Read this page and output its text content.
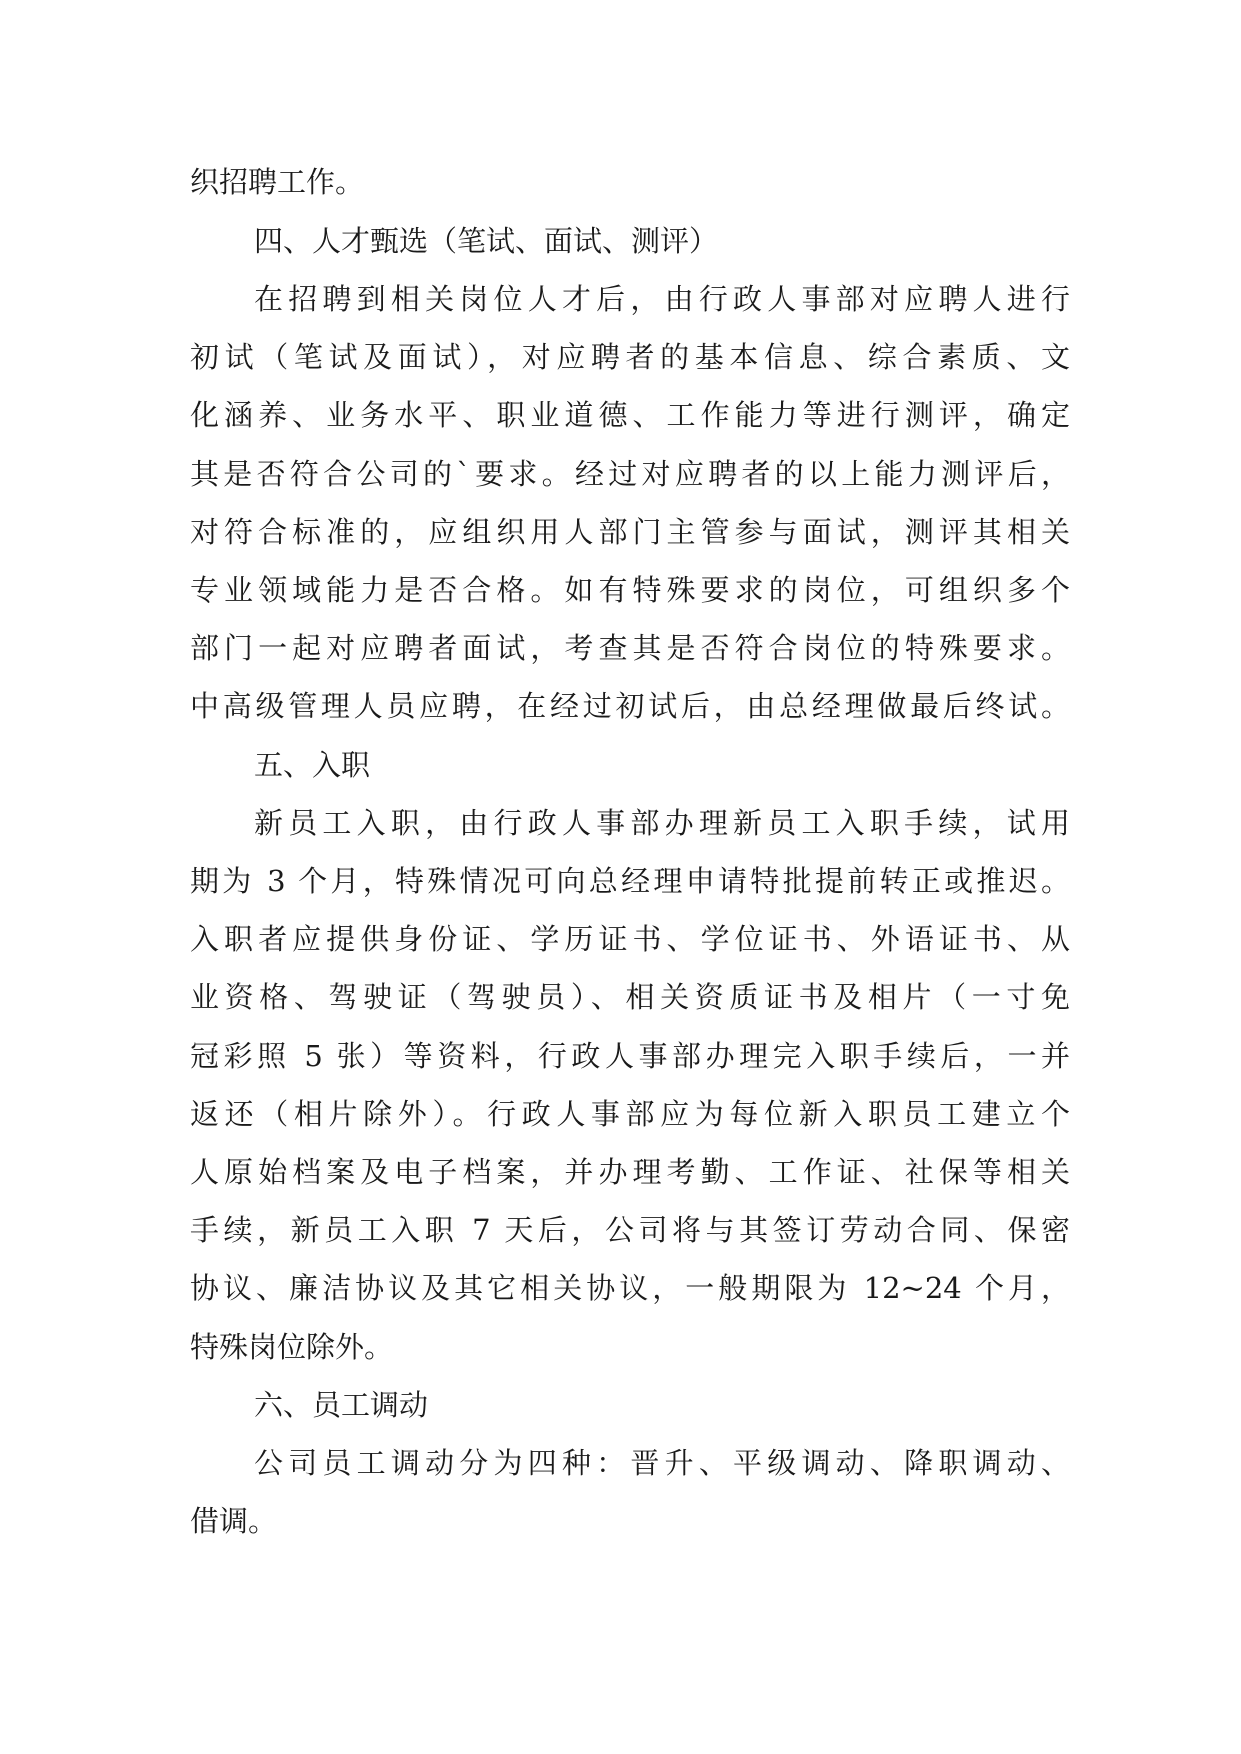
织招聘工作。
四、人才甄选（笔试、面试、测评）
在招聘到相关岗位人才后，由行政人事部对应聘人进行
初试（笔试及面试），对应聘者的基本信息、综合素质、文
化涵养、业务水平、职业道德、工作能力等进行测评，确定
其是否符合公司的`要求。经过对应聘者的以上能力测评后，
对符合标准的，应组织用人部门主管参与面试，测评其相关
专业领域能力是否合格。如有特殊要求的岗位，可组织多个
部门一起对应聘者面试，考查其是否符合岗位的特殊要求。
中高级管理人员应聘，在经过初试后，由总经理做最后终试。
五、入职
新员工入职，由行政人事部办理新员工入职手续，试用
期为 3 个月，特殊情况可向总经理申请特批提前转正或推迟。
入职者应提供身份证、学历证书、学位证书、外语证书、从
业资格、驾驶证（驾驶员）、相关资质证书及相片（一寸免
冠彩照 5 张）等资料，行政人事部办理完入职手续后，一并
返还（相片除外）。行政人事部应为每位新入职员工建立个
人原始档案及电子档案，并办理考勤、工作证、社保等相关
手续，新员工入职 7 天后，公司将与其签订劳动合同、保密
协议、廉洁协议及其它相关协议，一般期限为 12~24 个月，
特殊岗位除外。
六、员工调动
公司员工调动分为四种：晋升、平级调动、降职调动、
借调。
